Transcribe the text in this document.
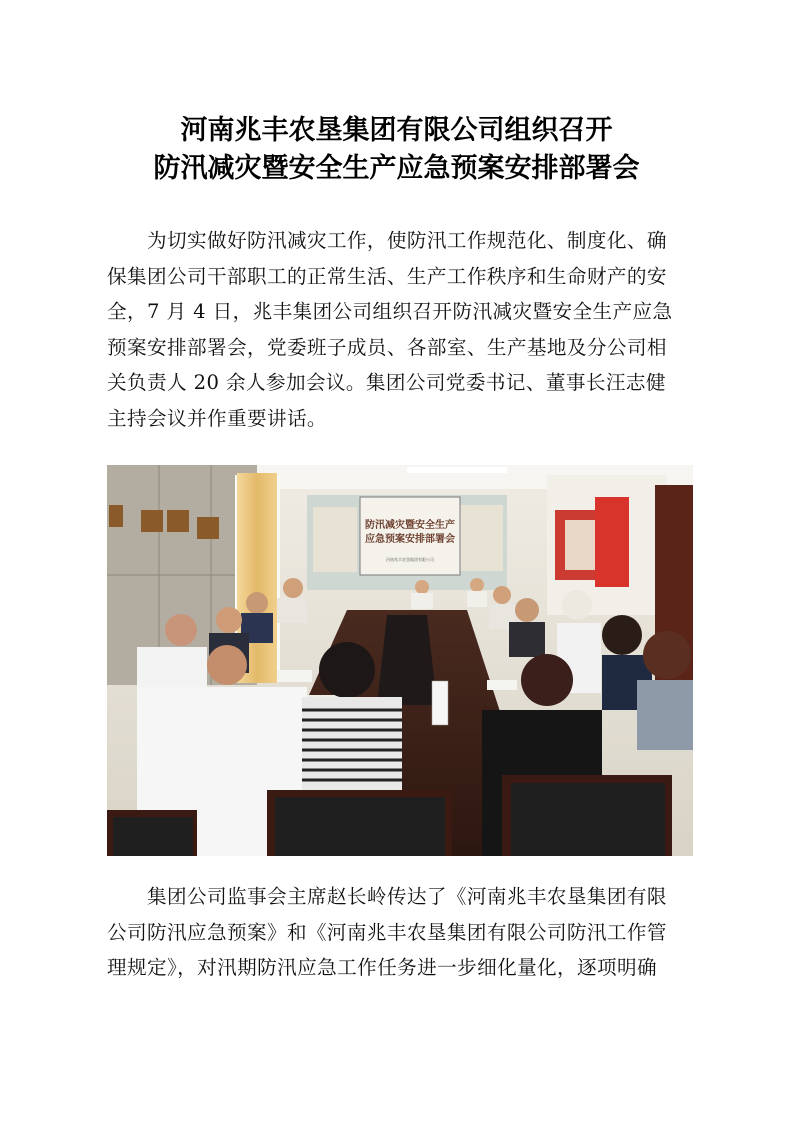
河南兆丰农垦集团有限公司组织召开
防汛减灾暨安全生产应急预案安排部署会
为切实做好防汛减灾工作，使防汛工作规范化、制度化、确
保集团公司干部职工的正常生活、生产工作秩序和生命财产的安
全，7 月 4 日，兆丰集团公司组织召开防汛减灾暨安全生产应急
预案安排部署会，党委班子成员、各部室、生产基地及分公司相
关负责人 20 余人参加会议。集团公司党委书记、董事长汪志健
主持会议并作重要讲话。
防汛减灾暨安全生产
应急预案安排部署会
河南兆丰农垦集团有限公司
集团公司监事会主席赵长岭传达了《河南兆丰农垦集团有限
公司防汛应急预案》和《河南兆丰农垦集团有限公司防汛工作管
理规定》，对汛期防汛应急工作任务进一步细化量化，逐项明确
